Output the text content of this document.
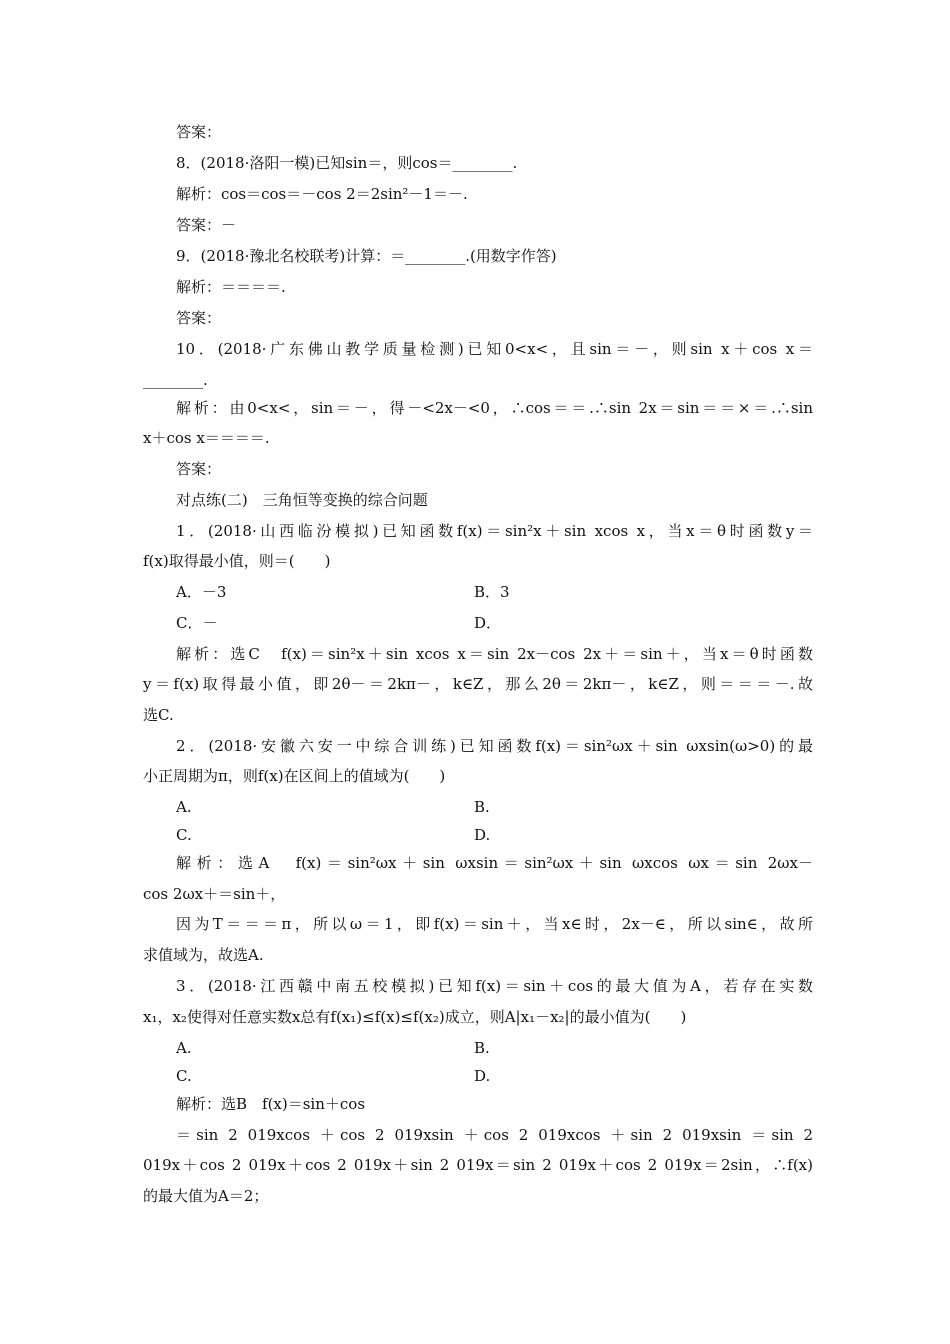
答案：
8．(2018·洛阳一模)已知sin＝，则cos＝________.
解析：cos＝cos＝－cos 2＝2sin²－1＝－.
答案：－
9．(2018·豫北名校联考)计算：＝________.(用数字作答)
解析：＝＝＝＝.
答案：
10．(2018·广东佛山教学质量检测)已知0<x<，且sin＝－，则sin x＋cos x＝
________.
解析：由0<x<，sin＝－，得－<2x－<0，∴cos＝＝.∴sin 2x＝sin＝＝×＝.∴sin
x＋cos x＝＝＝＝.
答案：
对点练(二)　三角恒等变换的综合问题
1．(2018·山西临汾模拟)已知函数f(x)＝sin²x＋sin xcos x，当x＝θ时函数y＝
f(x)取得最小值，则＝(　　)
A．－3	B．3
C．－	D．
解析：选C　f(x)＝sin²x＋sin xcos x＝sin 2x－cos 2x＋＝sin＋，当x＝θ时函数
y＝f(x)取得最小值，即2θ－＝2kπ－，k∈Z，那么2θ＝2kπ－，k∈Z，则＝＝＝－.故
选C.
2．(2018·安徽六安一中综合训练)已知函数f(x)＝sin²ωx＋sin ωxsin(ω>0)的最
小正周期为π，则f(x)在区间上的值域为(　　)
A.	B.
C.	D.
解析：选A　f(x)＝sin²ωx＋sin ωxsin＝sin²ωx＋sin ωxcos ωx＝sin 2ωx－
cos 2ωx＋＝sin＋，
因为T＝＝＝π，所以ω＝1，即f(x)＝sin＋，当x∈时，2x－∈，所以sin∈，故所
求值域为，故选A.
3．(2018·江西赣中南五校模拟)已知f(x)＝sin＋cos的最大值为A，若存在实数
x₁，x₂使得对任意实数x总有f(x₁)≤f(x)≤f(x₂)成立，则A|x₁－x₂|的最小值为(　　)
A.	B.
C.	D.
解析：选B　f(x)＝sin＋cos
＝sin 2 019xcos ＋cos 2 019xsin ＋cos 2 019xcos ＋sin 2 019xsin ＝sin 2
019x＋cos 2 019x＋cos 2 019x＋sin 2 019x＝sin 2 019x＋cos 2 019x＝2sin，∴f(x)
的最大值为A＝2；
